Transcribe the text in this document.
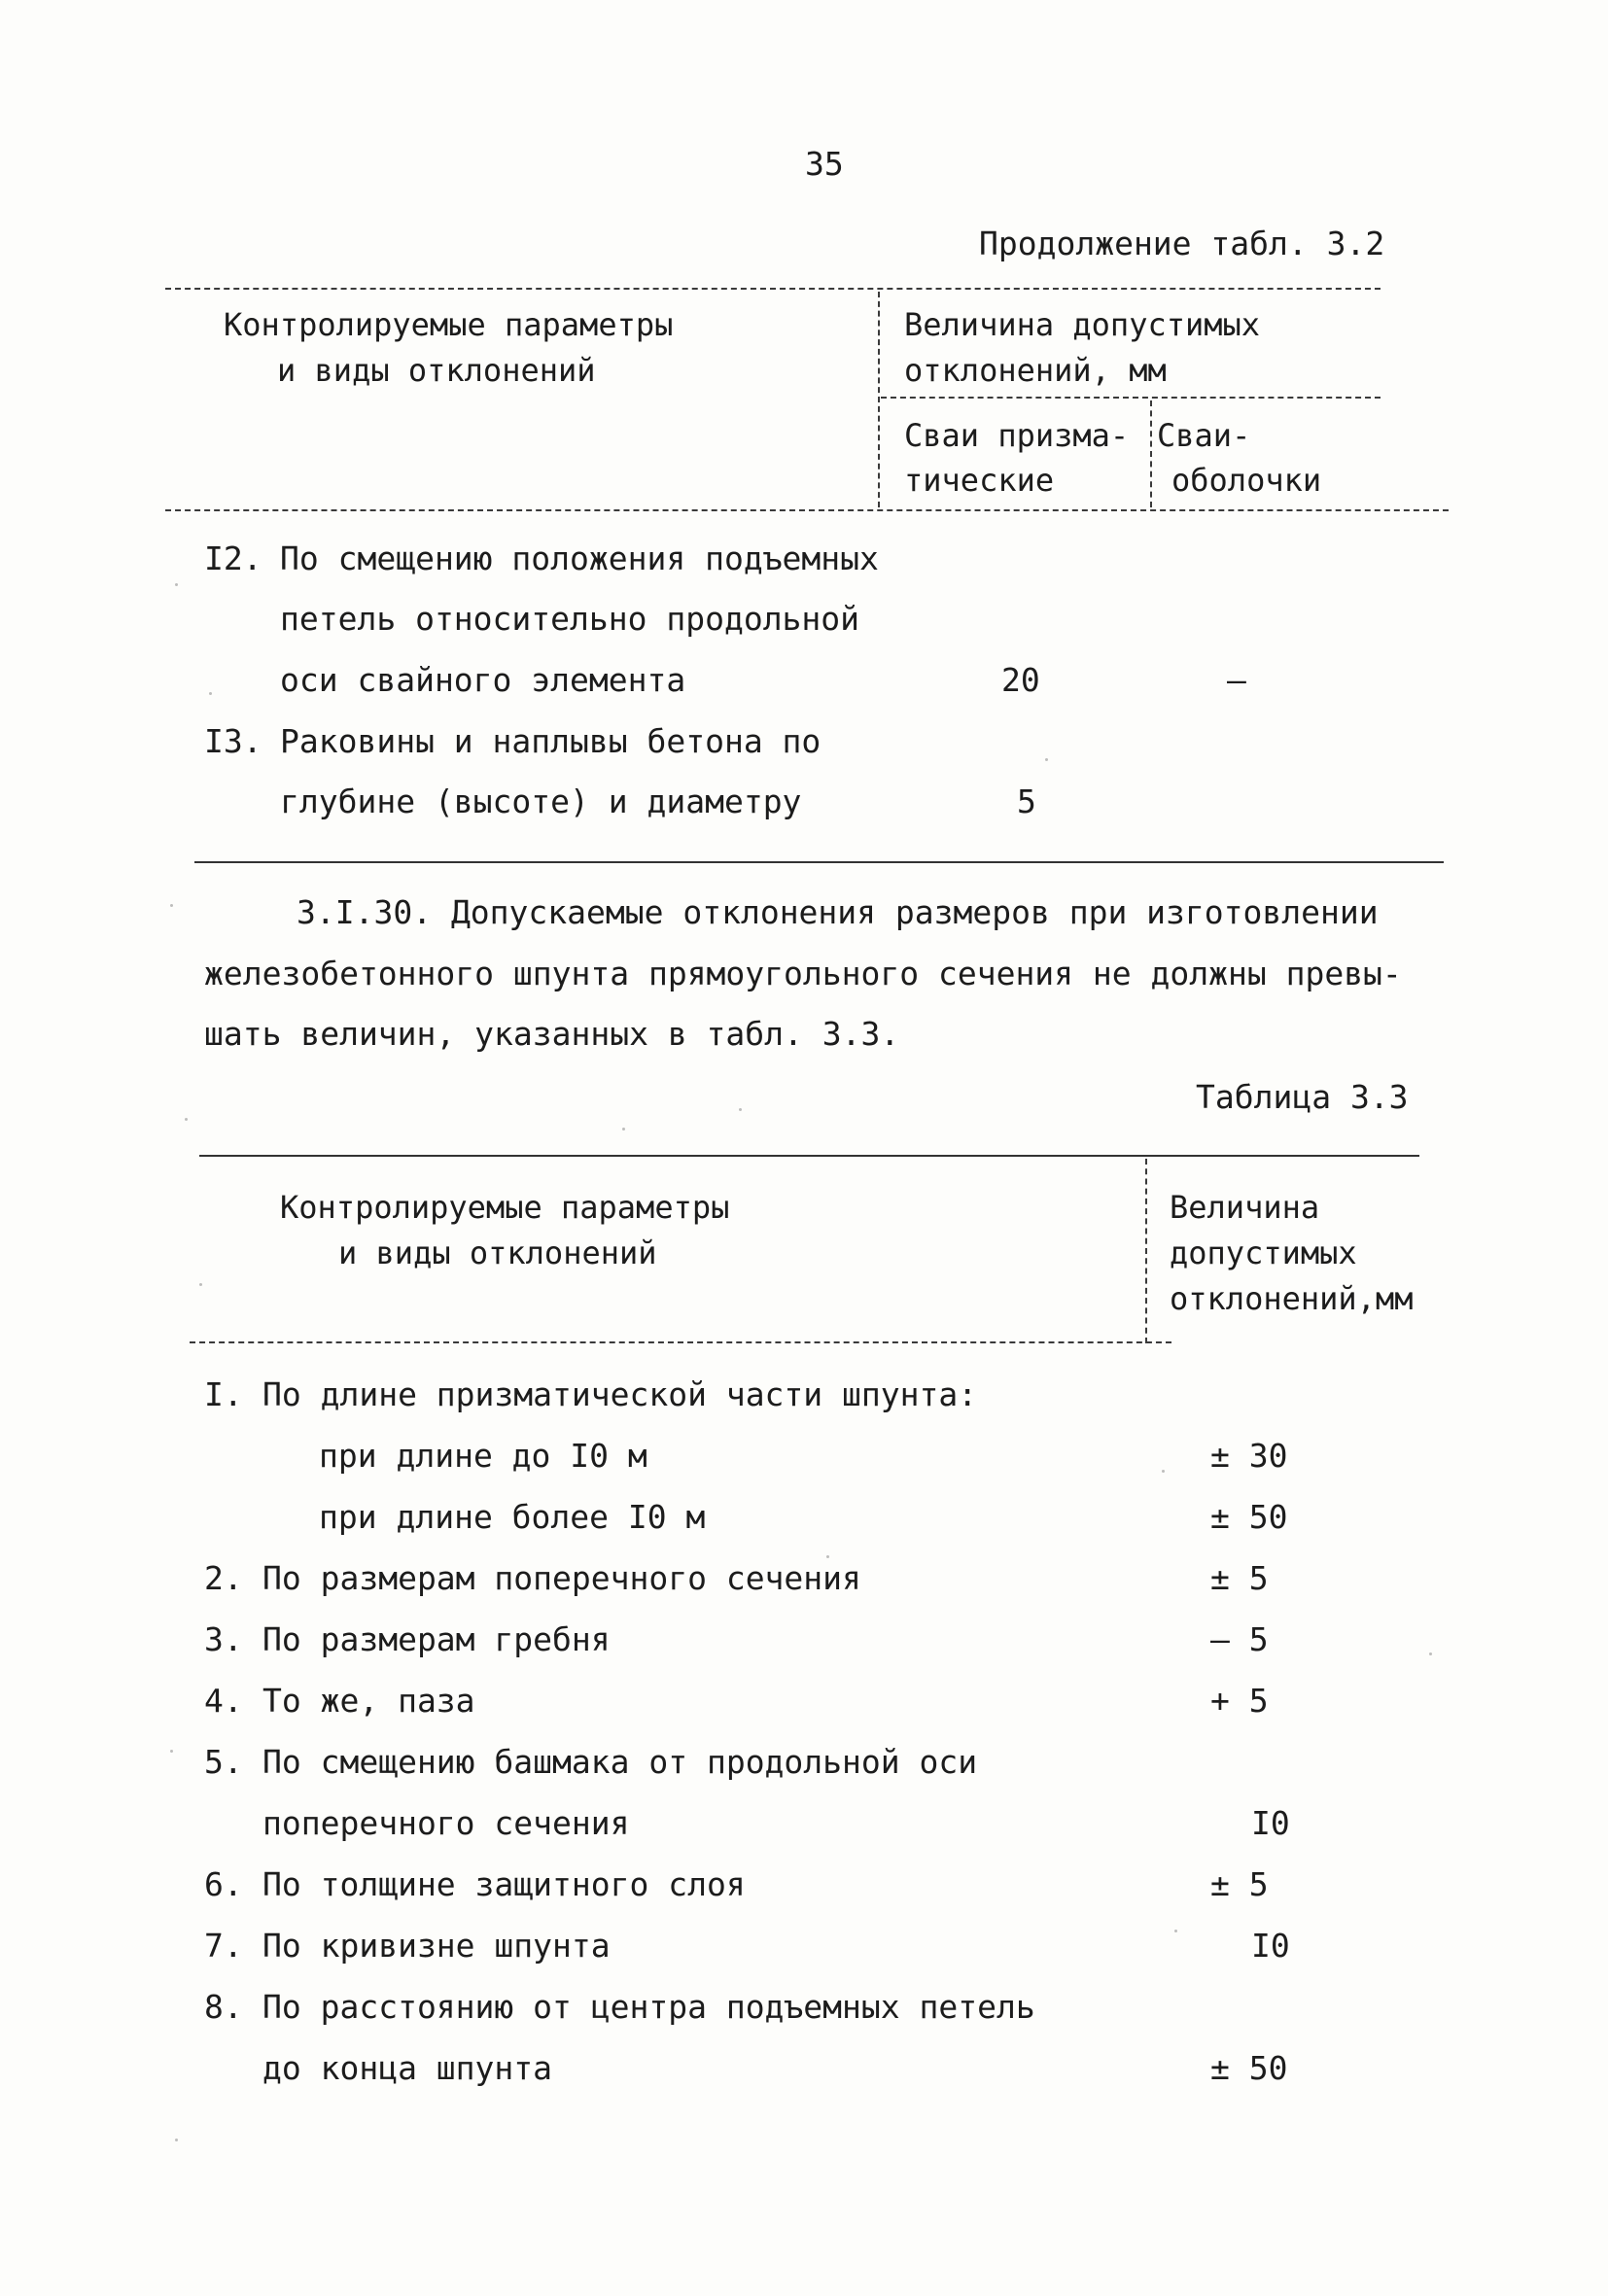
35
Продолжение табл. 3.2
Контролируемые параметры
и виды отклонений
Величина допустимых
отклонений, мм
Сваи призма-
тические
Сваи-
оболочки
I2. По смещению положения подъемных
петель относительно продольной
оси свайного элемента	20	–
I3. Раковины и наплывы бетона по
глубине (высоте) и диаметру	5
3.I.30. Допускаемые отклонения размеров при изготовлении
железобетонного шпунта прямоугольного сечения не должны превы-
шать величин, указанных в табл. 3.3.
Таблица 3.3
Контролируемые параметры
и виды отклонений
Величина
допустимых
отклонений,мм
I. По длине призматической части шпунта:
при длине до I0 м	± 30
при длине более I0 м	± 50
2. По размерам поперечного сечения	± 5
3. По размерам гребня	– 5
4. То же, паза	+ 5
5. По смещению башмака от продольной оси
поперечного сечения	I0
6. По толщине защитного слоя	± 5
7. По кривизне шпунта	I0
8. По расстоянию от центра подъемных петель
до конца шпунта	± 50
